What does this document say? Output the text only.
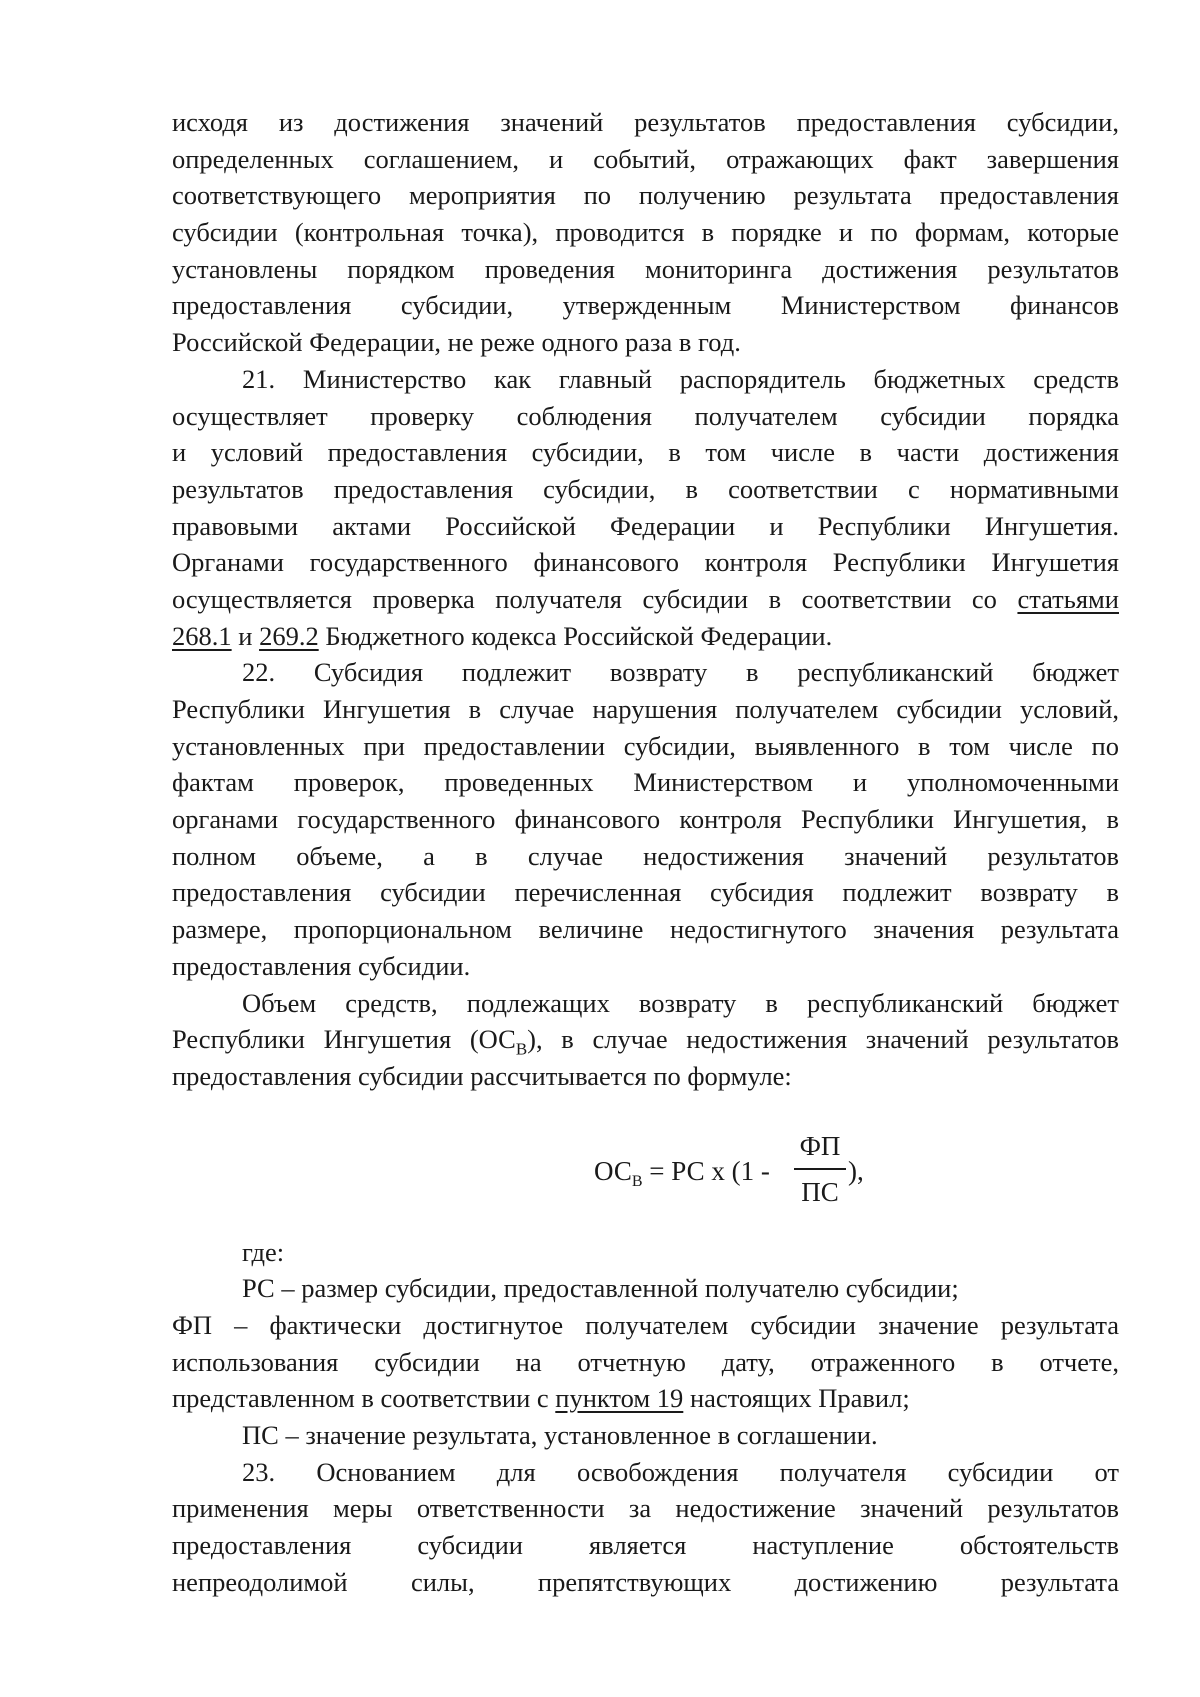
исходя из достижения значений результатов предоставления субсидии,
определенных соглашением, и событий, отражающих факт завершения
соответствующего мероприятия по получению результата предоставления
субсидии (контрольная точка), проводится в порядке и по формам, которые
установлены порядком проведения мониторинга достижения результатов
предоставления субсидии, утвержденным Министерством финансов
Российской Федерации, не реже одного раза в год.
21. Министерство как главный распорядитель бюджетных средств
осуществляет проверку соблюдения получателем субсидии порядка
и условий предоставления субсидии, в том числе в части достижения
результатов предоставления субсидии, в соответствии с нормативными
правовыми актами Российской Федерации и Республики Ингушетия.
Органами государственного финансового контроля Республики Ингушетия
осуществляется проверка получателя субсидии в соответствии со статьями
268.1 и 269.2 Бюджетного кодекса Российской Федерации.
22. Субсидия подлежит возврату в республиканский бюджет
Республики Ингушетия в случае нарушения получателем субсидии условий,
установленных при предоставлении субсидии, выявленного в том числе по
фактам проверок, проведенных Министерством и уполномоченными
органами государственного финансового контроля Республики Ингушетия, в
полном объеме, а в случае недостижения значений результатов
предоставления субсидии перечисленная субсидия подлежит возврату в
размере, пропорциональном величине недостигнутого значения результата
предоставления субсидии.
Объем средств, подлежащих возврату в республиканский бюджет
Республики Ингушетия $(ОС_В)$, в случае недостижения значений результатов
предоставления субсидии рассчитывается по формуле:
$ОС_В$ = РС х (1 -
ФП
ПС
),
где:
РС – размер субсидии, предоставленной получателю субсидии;
ФП – фактически достигнутое получателем субсидии значение результата
использования субсидии на отчетную дату, отраженного в отчете,
представленном в соответствии с пунктом 19 настоящих Правил;
ПС – значение результата, установленное в соглашении.
23. Основанием для освобождения получателя субсидии от
применения меры ответственности за недостижение значений результатов
предоставления субсидии является наступление обстоятельств
непреодолимой силы, препятствующих достижению результата
